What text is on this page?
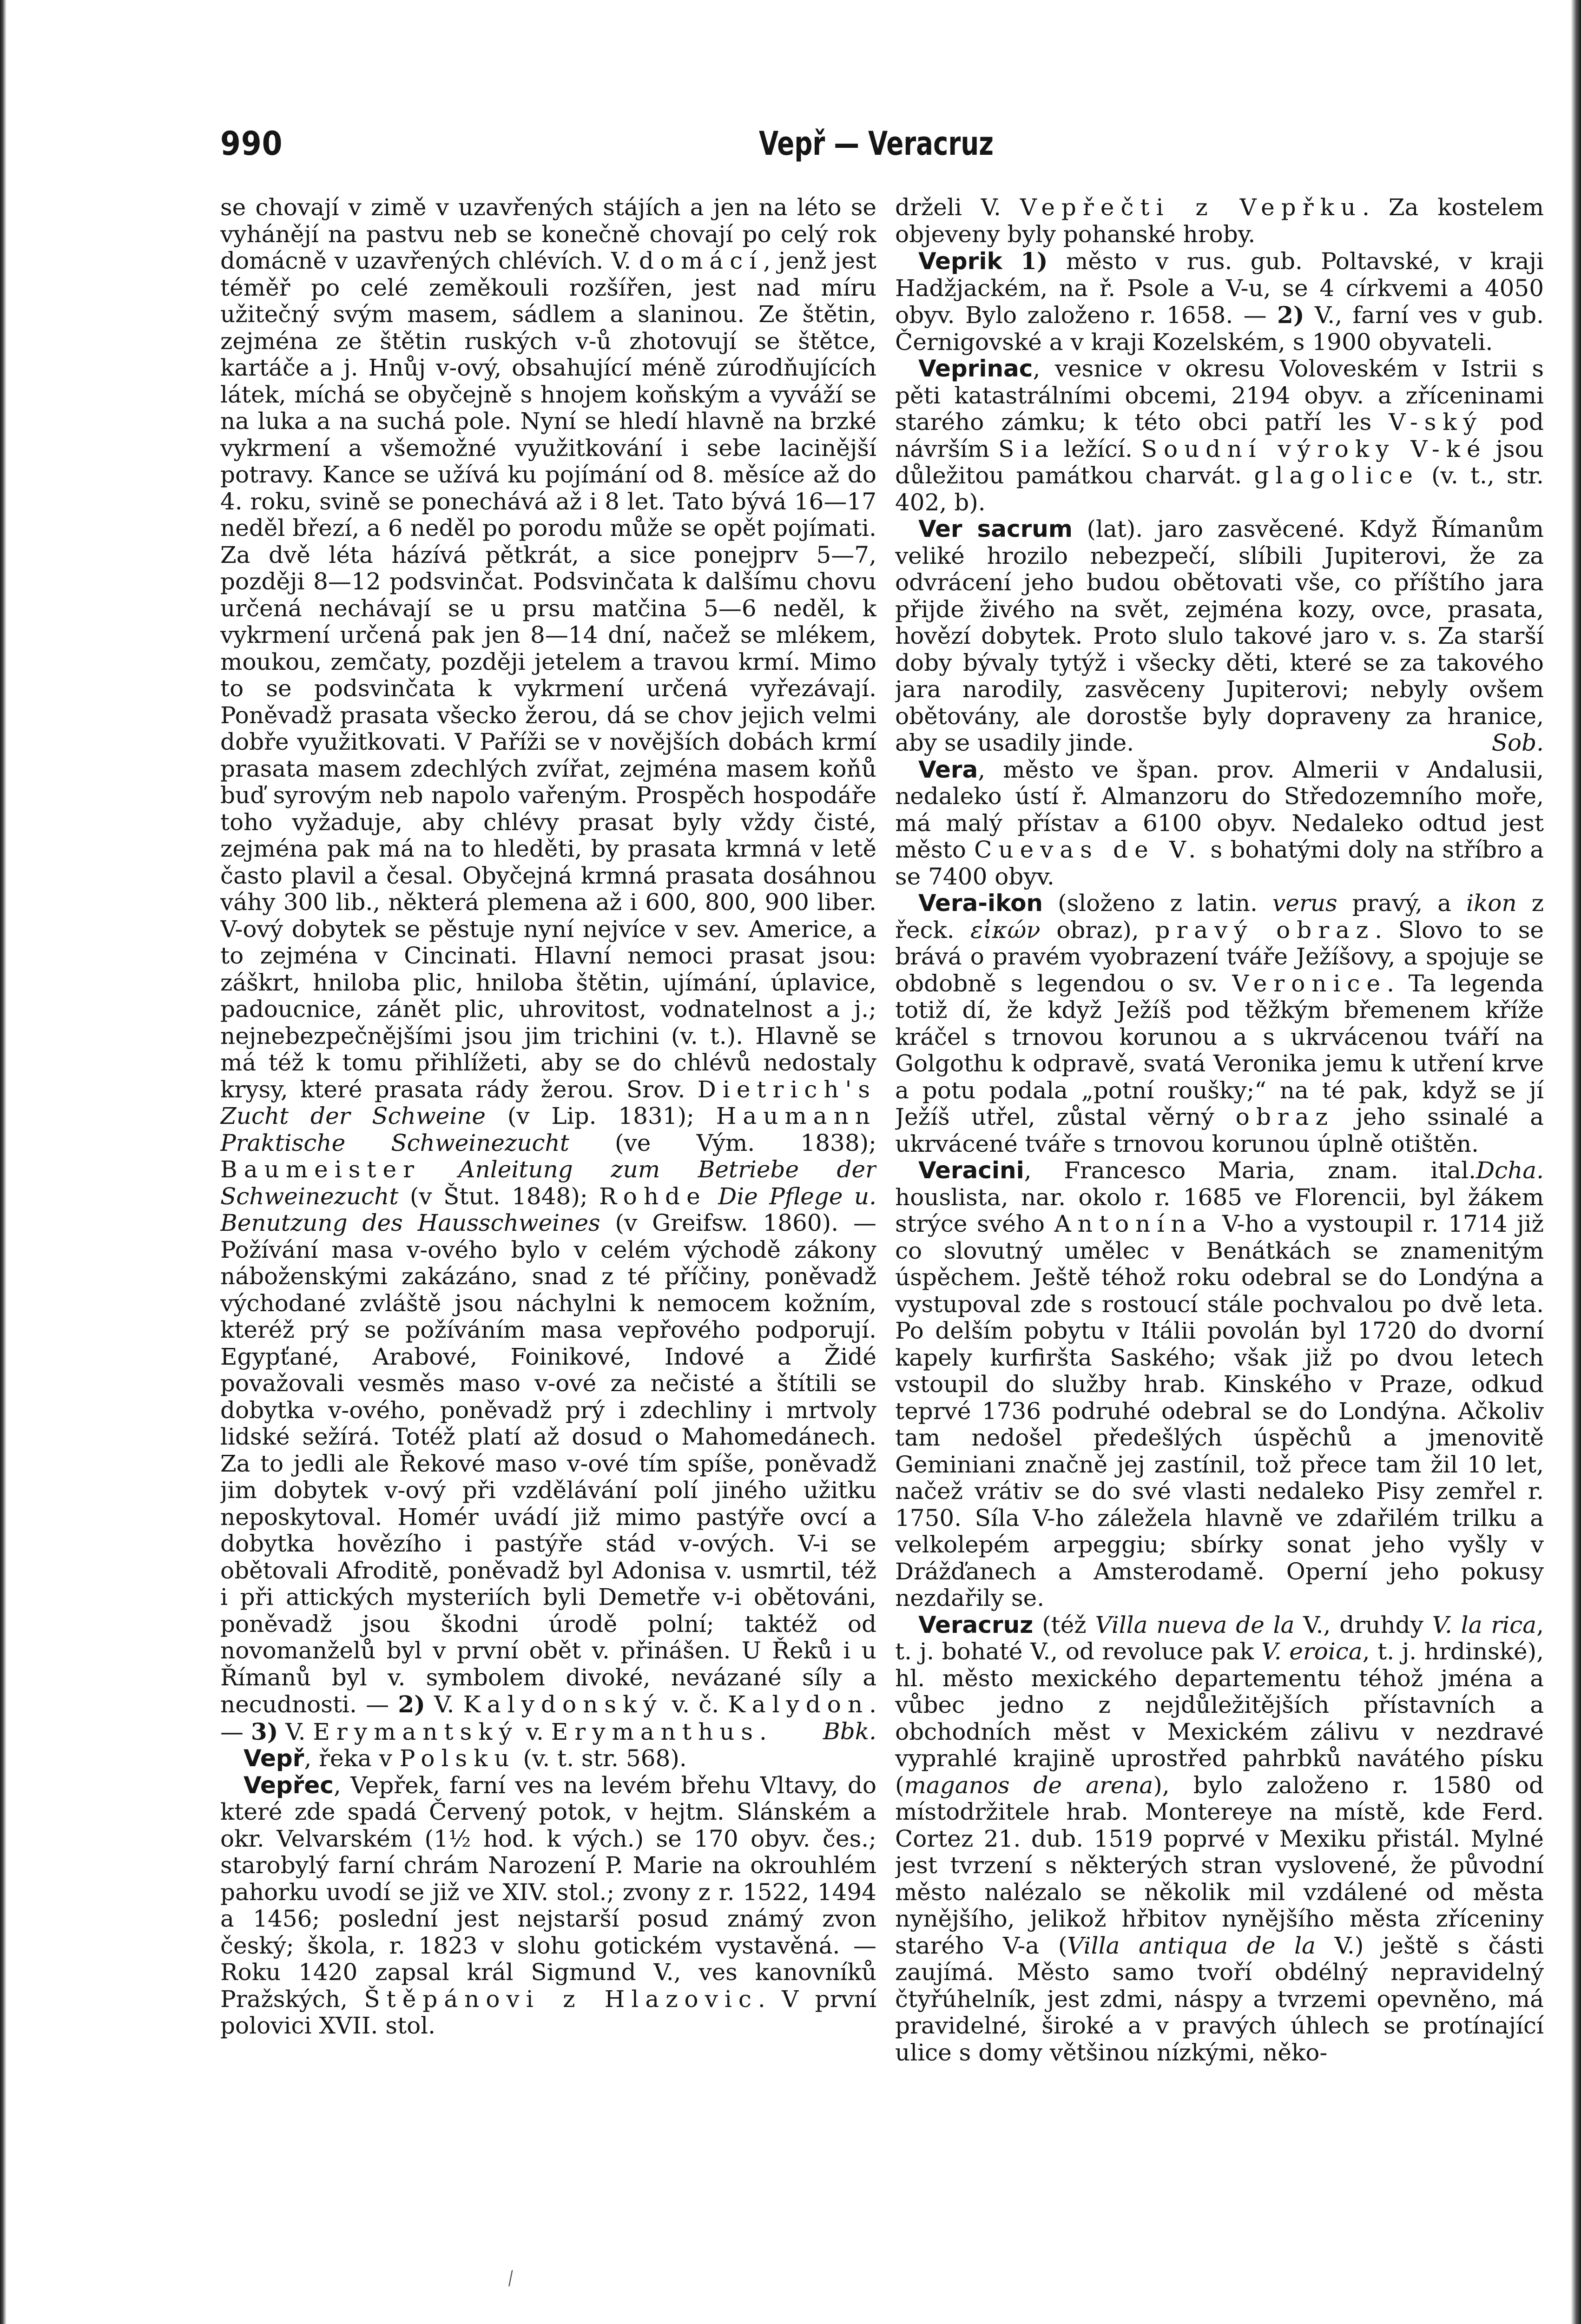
990	Vepř — Veracruz

se chovají v zimě v uzavřených stájích a jen na léto se vyhánějí na pastvu neb se konečně chovají po celý rok domácně v uzavřených chlévích. V. domácí, jenž jest téměř po celé zeměkouli rozšířen, jest nad míru užitečný svým masem, sádlem a slaninou. Ze štětin, zejména ze štětin ruských v-ů zhotovují se štětce, kartáče a j. Hnůj v-ový, obsahující méně zúrodňujících látek, míchá se obyčejně s hnojem koňským a vyváží se na luka a na suchá pole. Nyní se hledí hlavně na brzké vykrmení a všemožné využitkování i sebe lacinější potravy. Kance se užívá ku pojímání od 8. měsíce až do 4. roku, svině se ponechává až i 8 let. Tato bývá 16—17 neděl březí, a 6 neděl po porodu může se opět pojímati. Za dvě léta házívá pětkrát, a sice ponejprv 5—7, později 8—12 podsvinčat. Podsvinčata k dalšímu chovu určená nechávají se u prsu matčina 5—6 neděl, k vykrmení určená pak jen 8—14 dní, načež se mlékem, moukou, zemčaty, později jetelem a travou krmí. Mimo to se podsvinčata k vykrmení určená vyřezávají. Poněvadž prasata všecko žerou, dá se chov jejich velmi dobře využitkovati. V Paříži se v novějších dobách krmí prasata masem zdechlých zvířat, zejména masem koňů buď syrovým neb napolo vařeným. Prospěch hospodáře toho vyžaduje, aby chlévy prasat byly vždy čisté, zejména pak má na to hleděti, by prasata krmná v letě často plavil a česal. Obyčejná krmná prasata dosáhnou váhy 300 lib., některá plemena až i 600, 800, 900 liber. V-ový dobytek se pěstuje nyní nejvíce v sev. Americe, a to zejména v Cincinati. Hlavní nemoci prasat jsou: záškrt, hniloba plic, hniloba štětin, ujímání, úplavice, padoucnice, zánět plic, uhrovitost, vodnatelnost a j.; nejnebezpečnějšími jsou jim trichini (v. t.). Hlavně se má též k tomu přihlížeti, aby se do chlévů nedostaly krysy, které prasata rády žerou. Srov. Dietrich's Zucht der Schweine (v Lip. 1831); Haumann Praktische Schweinezucht (ve Vým. 1838); Baumeister Anleitung zum Betriebe der Schweinezucht (v Štut. 1848); Rohde Die Pflege u. Benutzung des Hausschweines (v Greifsw. 1860). — Požívání masa v-ového bylo v celém východě zákony náboženskými zakázáno, snad z té příčiny, poněvadž východané zvláště jsou náchylni k nemocem kožním, kteréž prý se požíváním masa vepřového podporují. Egypťané, Arabové, Foinikové, Indové a Židé považovali vesměs maso v-ové za nečisté a štítili se dobytka v-ového, poněvadž prý i zdechliny i mrtvoly lidské sežírá. Totéž platí až dosud o Mahomedánech. Za to jedli ale Řekové maso v-ové tím spíše, poněvadž jim dobytek v-ový při vzdělávání polí jiného užitku neposkytoval. Homér uvádí již mimo pastýře ovcí a dobytka hovězího i pastýře stád v-ových. V-i se obětovali Afroditě, poněvadž byl Adonisa v. usmrtil, též i při attických mysteriích byli Demetře v-i obětováni, poněvadž jsou škodni úrodě polní; taktéž od novomanželů byl v první obět v. přinášen. U Řeků i u Římanů byl v. symbolem divoké, nevázané síly a necudnosti. — 2) V. Kalydonský v. č. Kalydon. — 3) V. Erymantský v. Erymanthus. Bbk.

 Vepř, řeka v Polsku (v. t. str. 568).

 Vepřec, Vepřek, farní ves na levém břehu Vltavy, do které zde spadá Červený potok, v hejtm. Slánském a okr. Velvarském (1½ hod. k vých.) se 170 obyv. čes.; starobylý farní chrám Narození P. Marie na okrouhlém pahorku uvodí se již ve XIV. stol.; zvony z r. 1522, 1494 a 1456; poslední jest nejstarší posud známý zvon český; škola, r. 1823 v slohu gotickém vystavěná. — Roku 1420 zapsal král Sigmund V., ves kanovníků Pražských, Štěpánovi z Hlazovic. V první polovici XVII. stol.

drželi V. Vepřečti z Vepřku. Za kostelem objeveny byly pohanské hroby.

 Veprik 1) město v rus. gub. Poltavské, v kraji Hadžjackém, na ř. Psole a V-u, se 4 církvemi a 4050 obyv. Bylo založeno r. 1658. — 2) V., farní ves v gub. Černigovské a v kraji Kozelském, s 1900 obyvateli.

 Veprinac, vesnice v okresu Voloveském v Istrii s pěti katastrálními obcemi, 2194 obyv. a zříceninami starého zámku; k této obci patří les V-ský pod návrším Sia ležící. Soudní výroky V-ké jsou důležitou památkou charvát. glagolice (v. t., str. 402, b).

 Ver sacrum (lat). jaro zasvěcené. Když Římanům veliké hrozilo nebezpečí, slíbili Jupiterovi, že za odvrácení jeho budou obětovati vše, co příštího jara přijde živého na svět, zejména kozy, ovce, prasata, hovězí dobytek. Proto slulo takové jaro v. s. Za starší doby bývaly tytýž i všecky děti, které se za takového jara narodily, zasvěceny Jupiterovi; nebyly ovšem obětovány, ale dorostše byly dopraveny za hranice, aby se usadily jinde.	Sob.

 Vera, město ve špan. prov. Almerii v Andalusii, nedaleko ústí ř. Almanzoru do Středozemního moře, má malý přístav a 6100 obyv. Nedaleko odtud jest město Cuevas de V. s bohatými doly na stříbro a se 7400 obyv.

 Vera-ikon (složeno z latin. verus pravý, a ikon z řeck. εἰκών obraz), pravý obraz. Slovo to se brává o pravém vyobrazení tváře Ježíšovy, a spojuje se obdobně s legendou o sv. Veronice. Ta legenda totiž dí, že když Ježíš pod těžkým břemenem kříže kráčel s trnovou korunou a s ukrvácenou tváří na Golgothu k odpravě, svatá Veronika jemu k utření krve a potu podala „potní roušky;“ na té pak, když se jí Ježíš utřel, zůstal věrný obraz jeho ssinalé a ukrvácené tváře s trnovou korunou úplně otištěn.
Dcha.

 Veracini, Francesco Maria, znam. ital. houslista, nar. okolo r. 1685 ve Florencii, byl žákem strýce svého Antonína V-ho a vystoupil r. 1714 již co slovutný umělec v Benátkách se znamenitým úspěchem. Ještě téhož roku odebral se do Londýna a vystupoval zde s rostoucí stále pochvalou po dvě leta. Po delším pobytu v Itálii povolán byl 1720 do dvorní kapely kurfiršta Saského; však již po dvou letech vstoupil do služby hrab. Kinského v Praze, odkud teprvé 1736 podruhé odebral se do Londýna. Ačkoliv tam nedošel předešlých úspěchů a jmenovitě Geminiani značně jej zastínil, tož přece tam žil 10 let, načež vrátiv se do své vlasti nedaleko Pisy zemřel r. 1750. Síla V-ho záležela hlavně ve zdařilém trilku a velkolepém arpeggiu; sbírky sonat jeho vyšly v Drážďanech a Amsterodamě. Operní jeho pokusy nezdařily se.

 Veracruz (též Villa nueva de la V., druhdy V. la rica, t. j. bohaté V., od revoluce pak V. eroica, t. j. hrdinské), hl. město mexického departementu téhož jména a vůbec jedno z nejdůležitějších přístavních a obchodních měst v Mexickém zálivu v nezdravé vyprahlé krajině uprostřed pahrbků navátého písku (maganos de arena), bylo založeno r. 1580 od místodržitele hrab. Montereye na místě, kde Ferd. Cortez 21. dub. 1519 poprvé v Mexiku přistál. Mylné jest tvrzení s některých stran vyslovené, že původní město nalézalo se několik mil vzdálené od města nynějšího, jelikož hřbitov nynějšího města zříceniny starého V-a (Villa antiqua de la V.) ještě s části zaujímá. Město samo tvoří obdélný nepravidelný čtyřúhelník, jest zdmi, náspy a tvrzemi opevněno, má pravidelné, široké a v pravých úhlech se protínající ulice s domy většinou nízkými, něko-

⁄
